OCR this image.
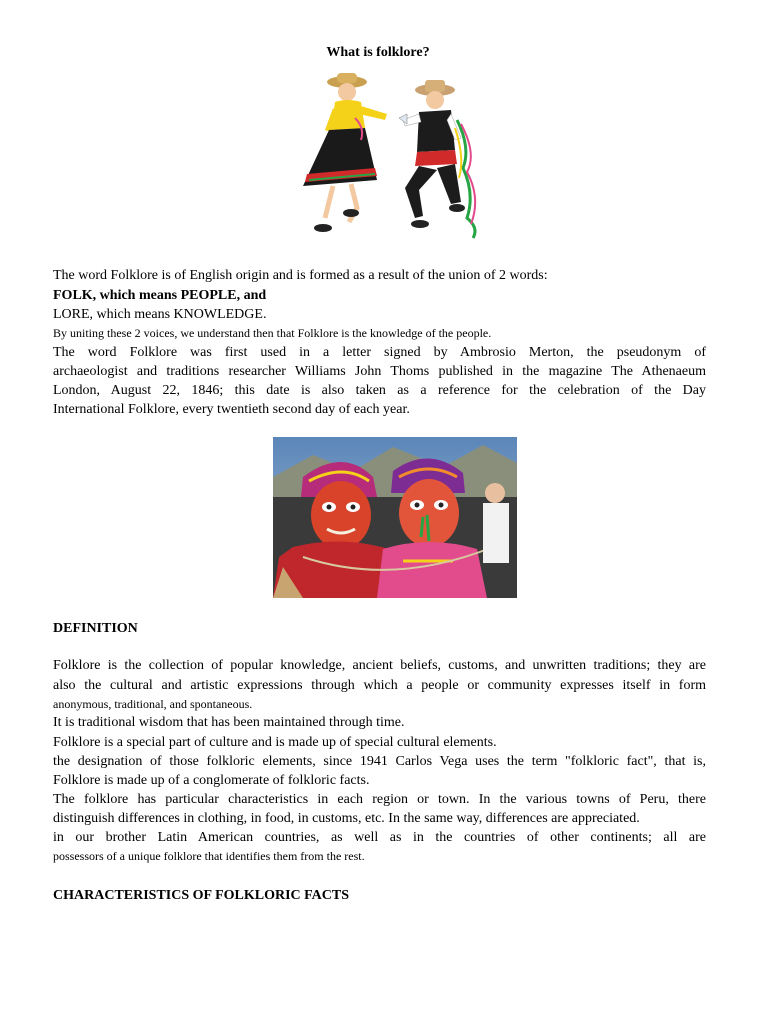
What is folklore?
The word Folklore is of English origin and is formed as a result of the union of 2 words:
FOLK, which means PEOPLE, and
LORE, which means KNOWLEDGE.
By uniting these 2 voices, we understand then that Folklore is the knowledge of the people.
The word Folklore was first used in a letter signed by Ambrosio Merton, the pseudonym of
archaeologist and traditions researcher Williams John Thoms published in the magazine The Athenaeum
London, August 22, 1846; this date is also taken as a reference for the celebration of the Day
International Folklore, every twentieth second day of each year.
DEFINITION
Folklore is the collection of popular knowledge, ancient beliefs, customs, and unwritten traditions; they are
also the cultural and artistic expressions through which a people or community expresses itself in form
anonymous, traditional, and spontaneous.
It is traditional wisdom that has been maintained through time.
Folklore is a special part of culture and is made up of special cultural elements.
the designation of those folkloric elements, since 1941 Carlos Vega uses the term "folkloric fact", that is,
Folklore is made up of a conglomerate of folkloric facts.
The folklore has particular characteristics in each region or town. In the various towns of Peru, there
distinguish differences in clothing, in food, in customs, etc. In the same way, differences are appreciated.
in our brother Latin American countries, as well as in the countries of other continents; all are
possessors of a unique folklore that identifies them from the rest.
CHARACTERISTICS OF FOLKLORIC FACTS
